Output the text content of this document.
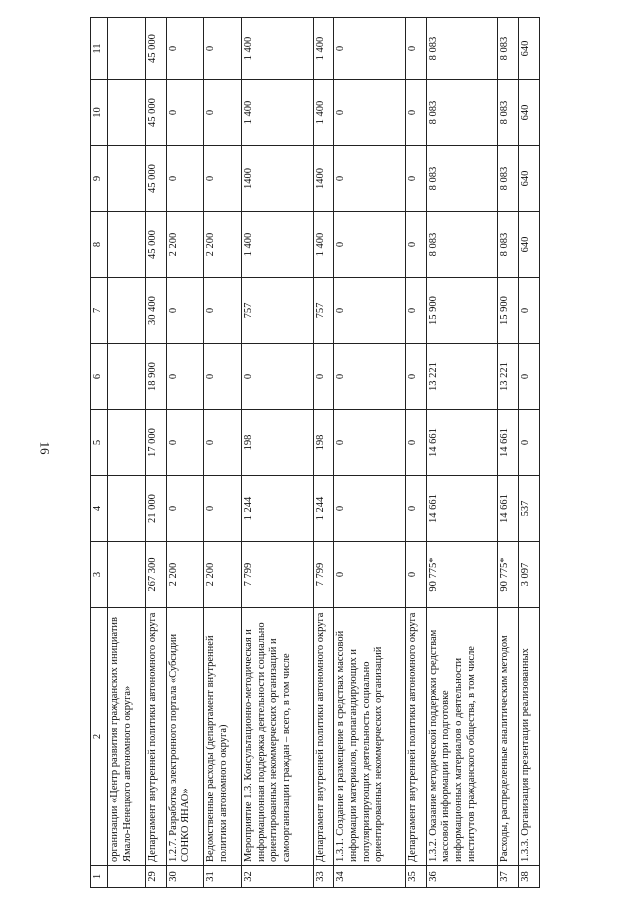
16
1	2	3	4	5	6	7	8	9	10	11
	организации «Центр развития гражданских инициатив Ямало-Ненецкого автономного округа»									
29	Департамент внутренней политики автономного округа	267 300	21 000	17 000	18 900	30 400	45 000	45 000	45 000	45 000
30	1.2.7. Разработка электронного портала «Субсидии СОНКО ЯНАО»	2 200	0	0	0	0	2 200	0	0	0
31	Ведомственные расходы (департамент внутренней политики автономного округа)	2 200	0	0	0	0	2 200	0	0	0
32	Мероприятие 1.3. Консультационно-методическая и информационная поддержка деятельности социально ориентированных некоммерческих организаций и самоорганизации граждан – всего, в том числе	7 799	1 244	198	0	757	1 400	1400	1 400	1 400
33	Департамент внутренней политики автономного округа	7 799	1 244	198	0	757	1 400	1400	1 400	1 400
34	1.3.1. Создание и размещение в средствах массовой информации материалов, пропагандирующих и популяризирующих деятельность социально ориентированных некоммерческих организаций	0	0	0	0	0	0	0	0	0
35	Департамент внутренней политики автономного округа	0	0	0	0	0	0	0	0	0
36	1.3.2. Оказание методической поддержки средствам массовой информации при подготовке информационных материалов о деятельности институтов гражданского общества, в том числе	90 775*	14 661	14 661	13 221	15 900	8 083	8 083	8 083	8 083
37	Расходы, распределенные аналитическим методом	90 775*	14 661	14 661	13 221	15 900	8 083	8 083	8 083	8 083
38	1.3.3. Организация презентации реализованных	3 097	537	0	0	0	640	640	640	640
